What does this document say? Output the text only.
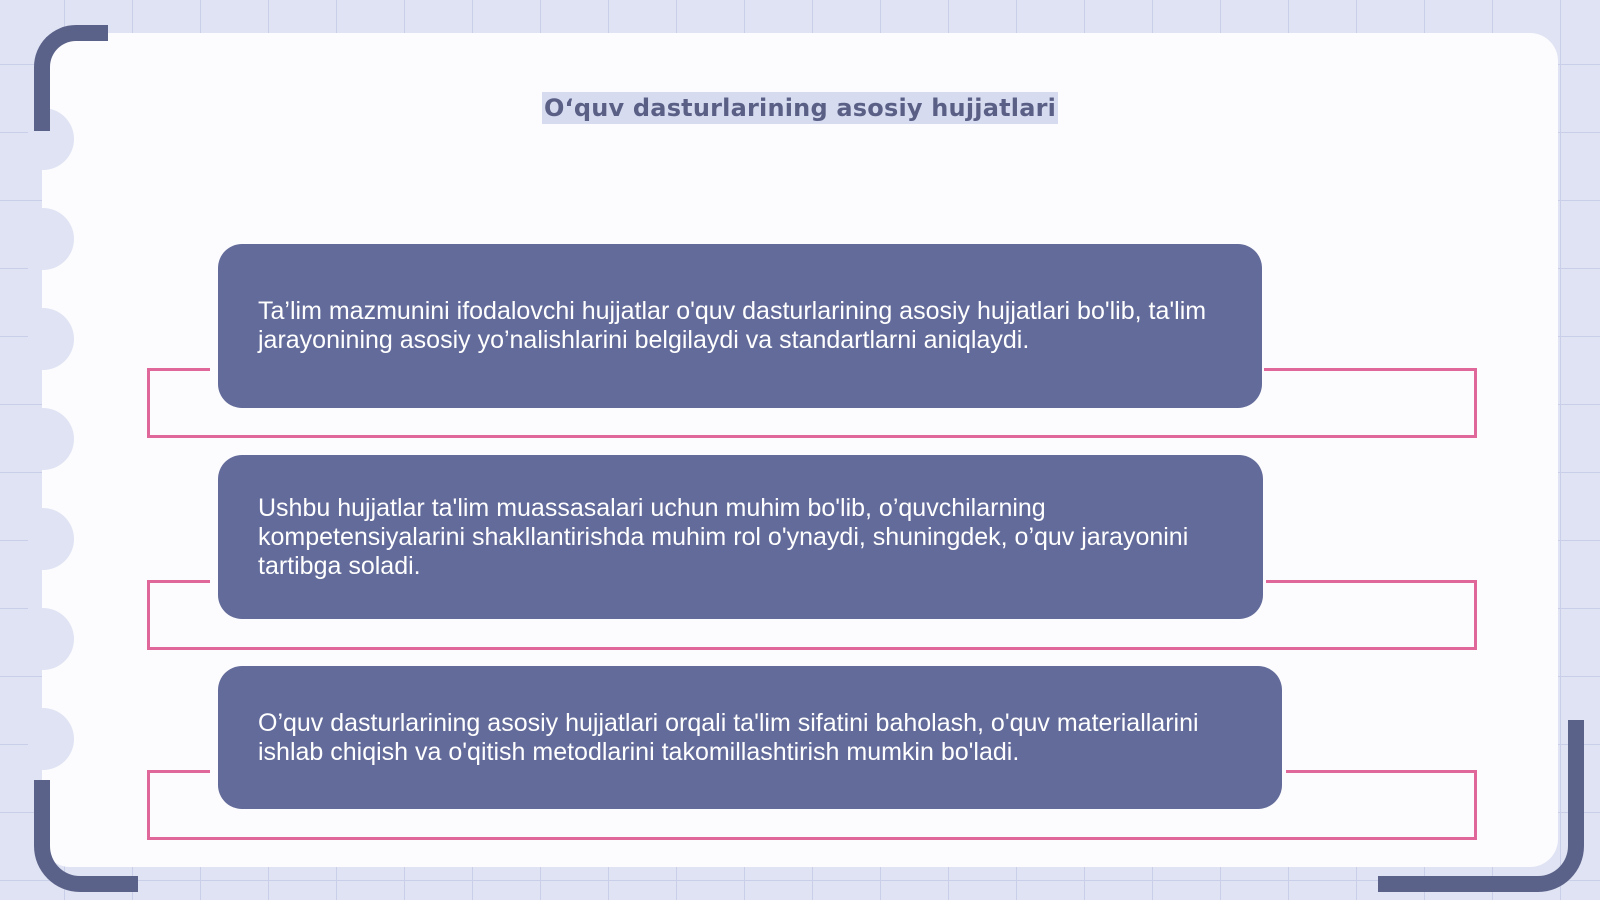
Oʻquv dasturlarining asosiy hujjatlari

Ta’lim mazmunini ifodalovchi hujjatlar o'quv dasturlarining asosiy hujjatlari bo'lib, ta'lim jarayonining asosiy yo’nalishlarini belgilaydi va standartlarni aniqlaydi.

Ushbu hujjatlar ta'lim muassasalari uchun muhim bo'lib, o’quvchilarning kompetensiyalarini shakllantirishda muhim rol o'ynaydi, shuningdek, o’quv jarayonini tartibga soladi.

O’quv dasturlarining asosiy hujjatlari orqali ta'lim sifatini baholash, o'quv materiallarini ishlab chiqish va o'qitish metodlarini takomillashtirish mumkin bo'ladi.
